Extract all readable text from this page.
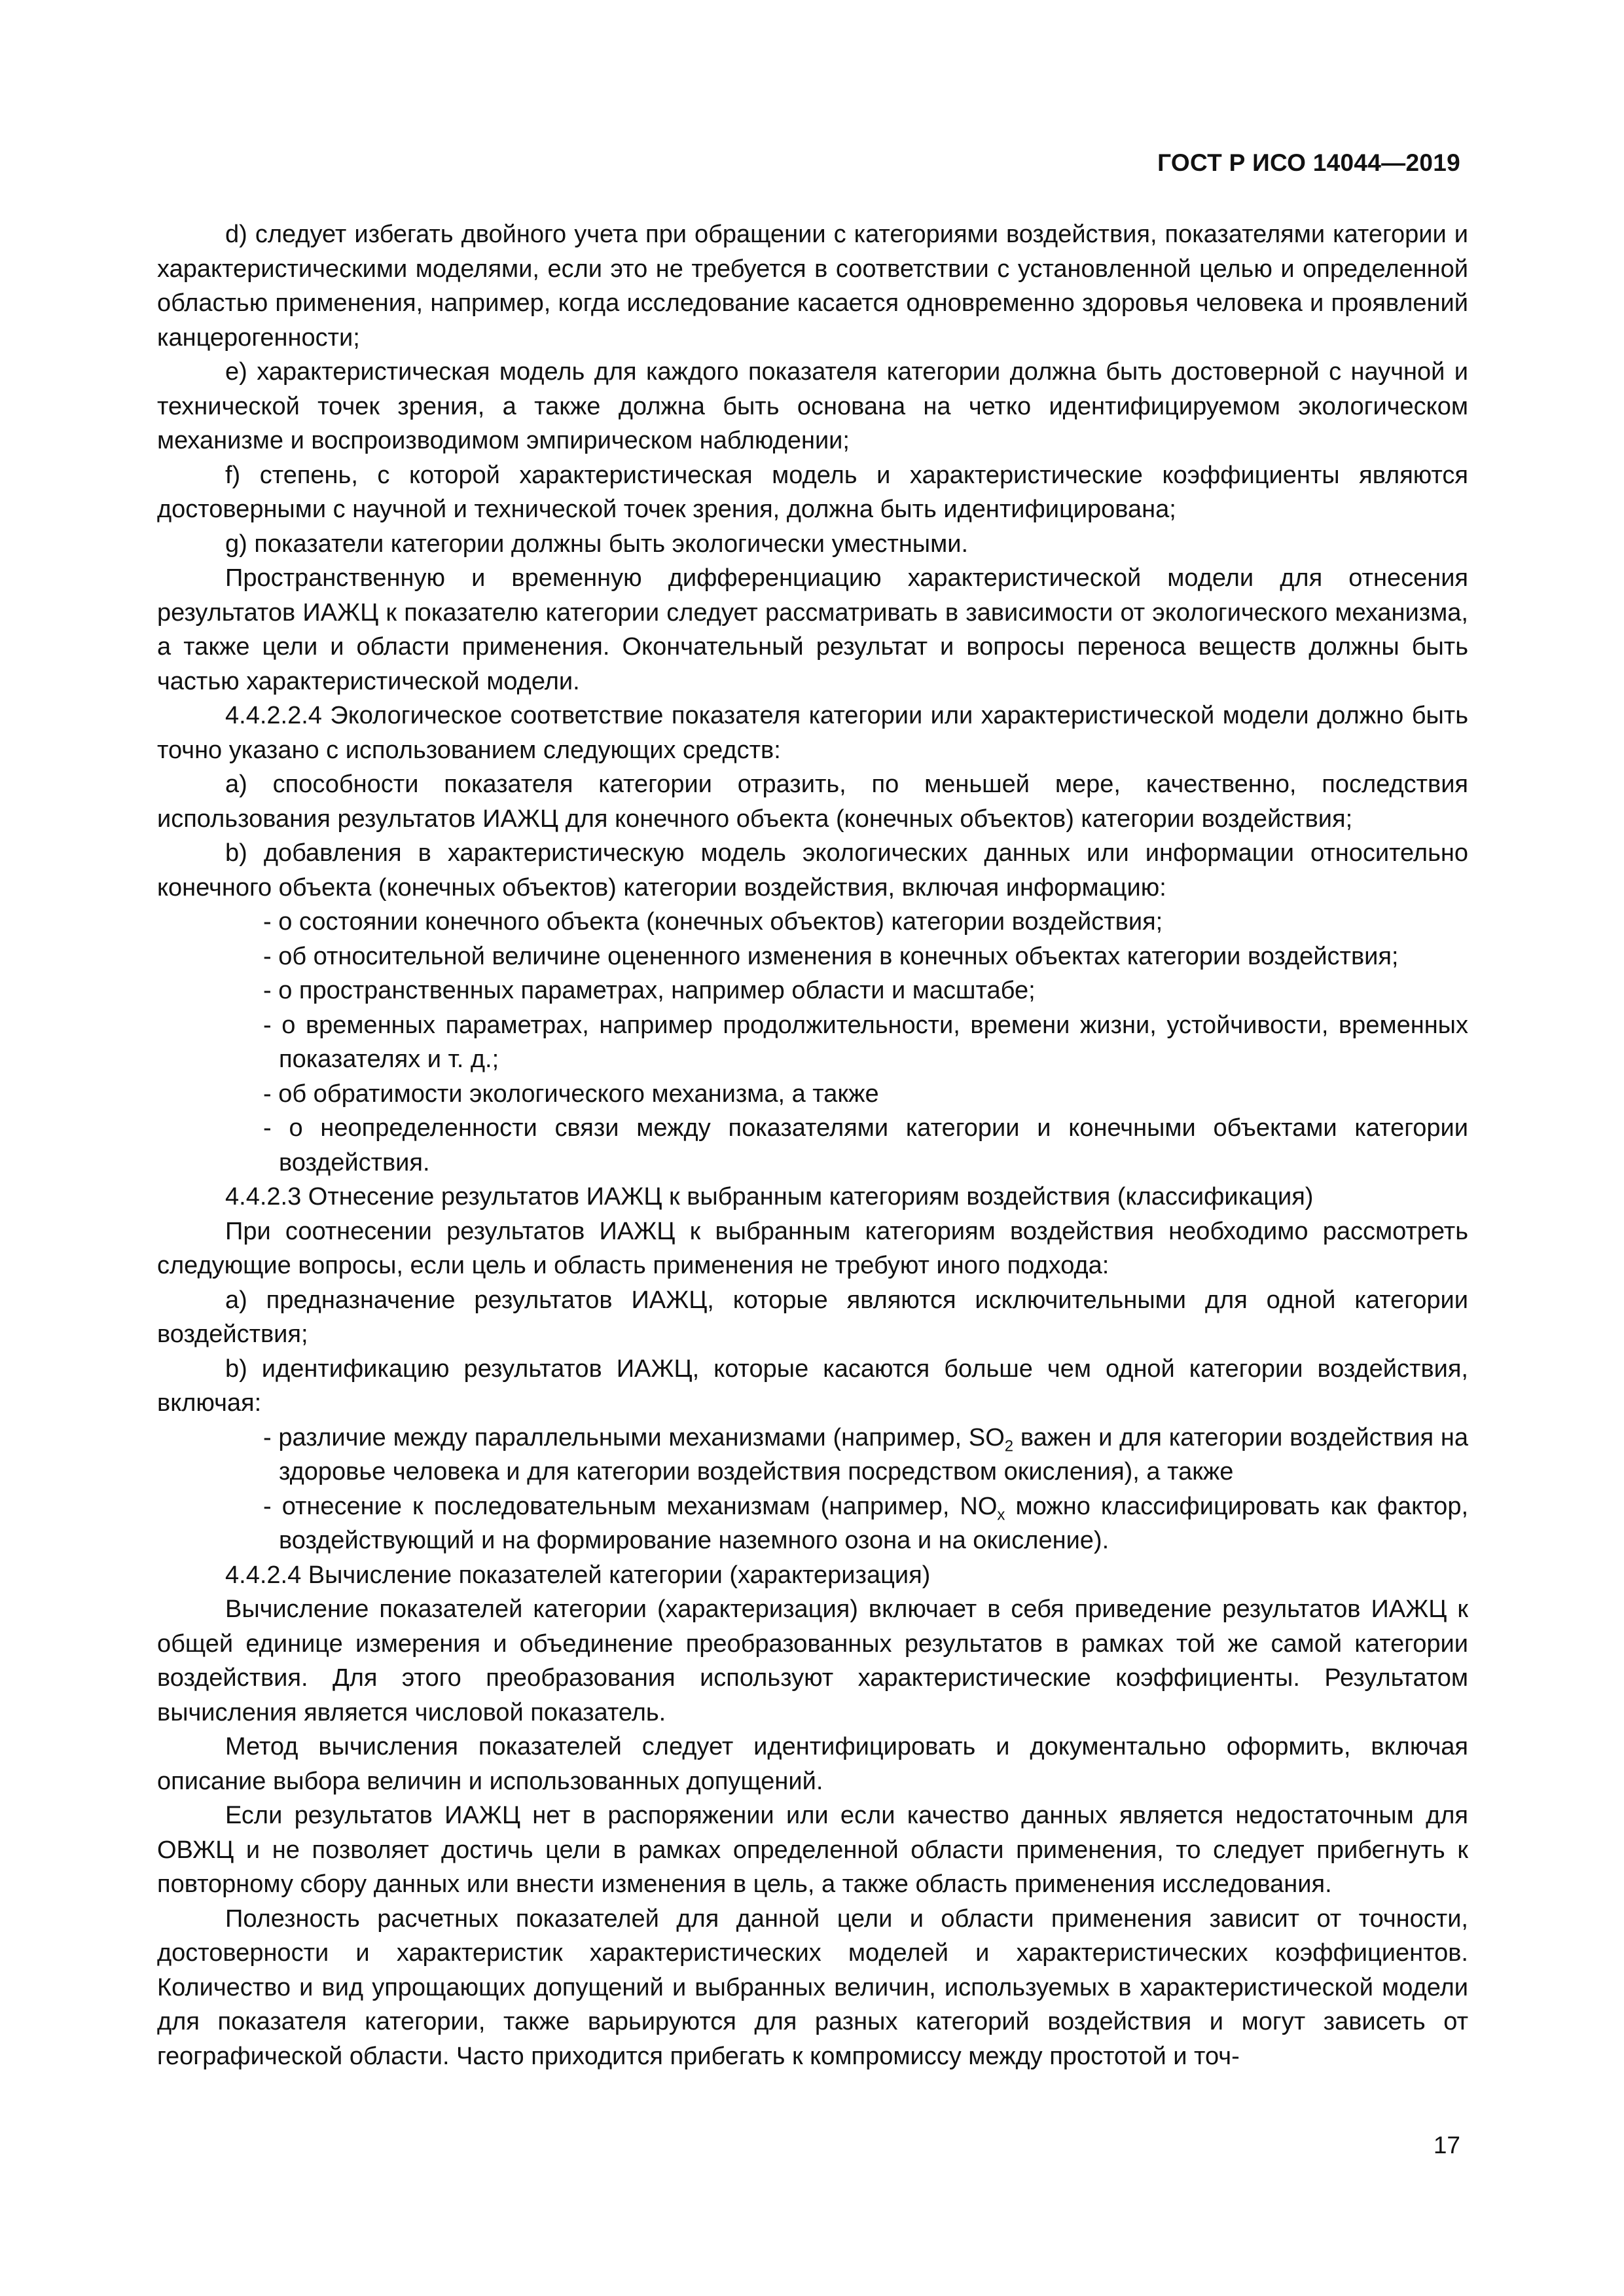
ГОСТ Р ИСО 14044—2019

d) следует избегать двойного учета при обращении с категориями воздействия, показателями категории и характеристическими моделями, если это не требуется в соответствии с установленной целью и определенной областью применения, например, когда исследование касается одновременно здоровья человека и проявлений канцерогенности;

e) характеристическая модель для каждого показателя категории должна быть достоверной с научной и технической точек зрения, а также должна быть основана на четко идентифицируемом экологическом механизме и воспроизводимом эмпирическом наблюдении;

f) степень, с которой характеристическая модель и характеристические коэффициенты являются достоверными с научной и технической точек зрения, должна быть идентифицирована;

g) показатели категории должны быть экологически уместными.

Пространственную и временную дифференциацию характеристической модели для отнесения результатов ИАЖЦ к показателю категории следует рассматривать в зависимости от экологического механизма, а также цели и области применения. Окончательный результат и вопросы переноса веществ должны быть частью характеристической модели.

4.4.2.2.4 Экологическое соответствие показателя категории или характеристической модели должно быть точно указано с использованием следующих средств:

a) способности показателя категории отразить, по меньшей мере, качественно, последствия использования результатов ИАЖЦ для конечного объекта (конечных объектов) категории воздействия;

b) добавления в характеристическую модель экологических данных или информации относительно конечного объекта (конечных объектов) категории воздействия, включая информацию:

- о состоянии конечного объекта (конечных объектов) категории воздействия;
- об относительной величине оцененного изменения в конечных объектах категории воздействия;
- о пространственных параметрах, например области и масштабе;
- о временных параметрах, например продолжительности, времени жизни, устойчивости, временных показателях и т. д.;
- об обратимости экологического механизма, а также
- о неопределенности связи между показателями категории и конечными объектами категории воздействия.

4.4.2.3 Отнесение результатов ИАЖЦ к выбранным категориям воздействия (классификация)

При соотнесении результатов ИАЖЦ к выбранным категориям воздействия необходимо рассмотреть следующие вопросы, если цель и область применения не требуют иного подхода:

a) предназначение результатов ИАЖЦ, которые являются исключительными для одной категории воздействия;

b) идентификацию результатов ИАЖЦ, которые касаются больше чем одной категории воздействия, включая:

- различие между параллельными механизмами (например, $SO_2$ важен и для категории воздействия на здоровье человека и для категории воздействия посредством окисления), а также
- отнесение к последовательным механизмам (например, $NO_x$ можно классифицировать как фактор, воздействующий и на формирование наземного озона и на окисление).

4.4.2.4 Вычисление показателей категории (характеризация)

Вычисление показателей категории (характеризация) включает в себя приведение результатов ИАЖЦ к общей единице измерения и объединение преобразованных результатов в рамках той же самой категории воздействия. Для этого преобразования используют характеристические коэффициенты. Результатом вычисления является числовой показатель.

Метод вычисления показателей следует идентифицировать и документально оформить, включая описание выбора величин и использованных допущений.

Если результатов ИАЖЦ нет в распоряжении или если качество данных является недостаточным для ОВЖЦ и не позволяет достичь цели в рамках определенной области применения, то следует прибегнуть к повторному сбору данных или внести изменения в цель, а также область применения исследования.

Полезность расчетных показателей для данной цели и области применения зависит от точности, достоверности и характеристик характеристических моделей и характеристических коэффициентов. Количество и вид упрощающих допущений и выбранных величин, используемых в характеристической модели для показателя категории, также варьируются для разных категорий воздействия и могут зависеть от географической области. Часто приходится прибегать к компромиссу между простотой и точ-

17
